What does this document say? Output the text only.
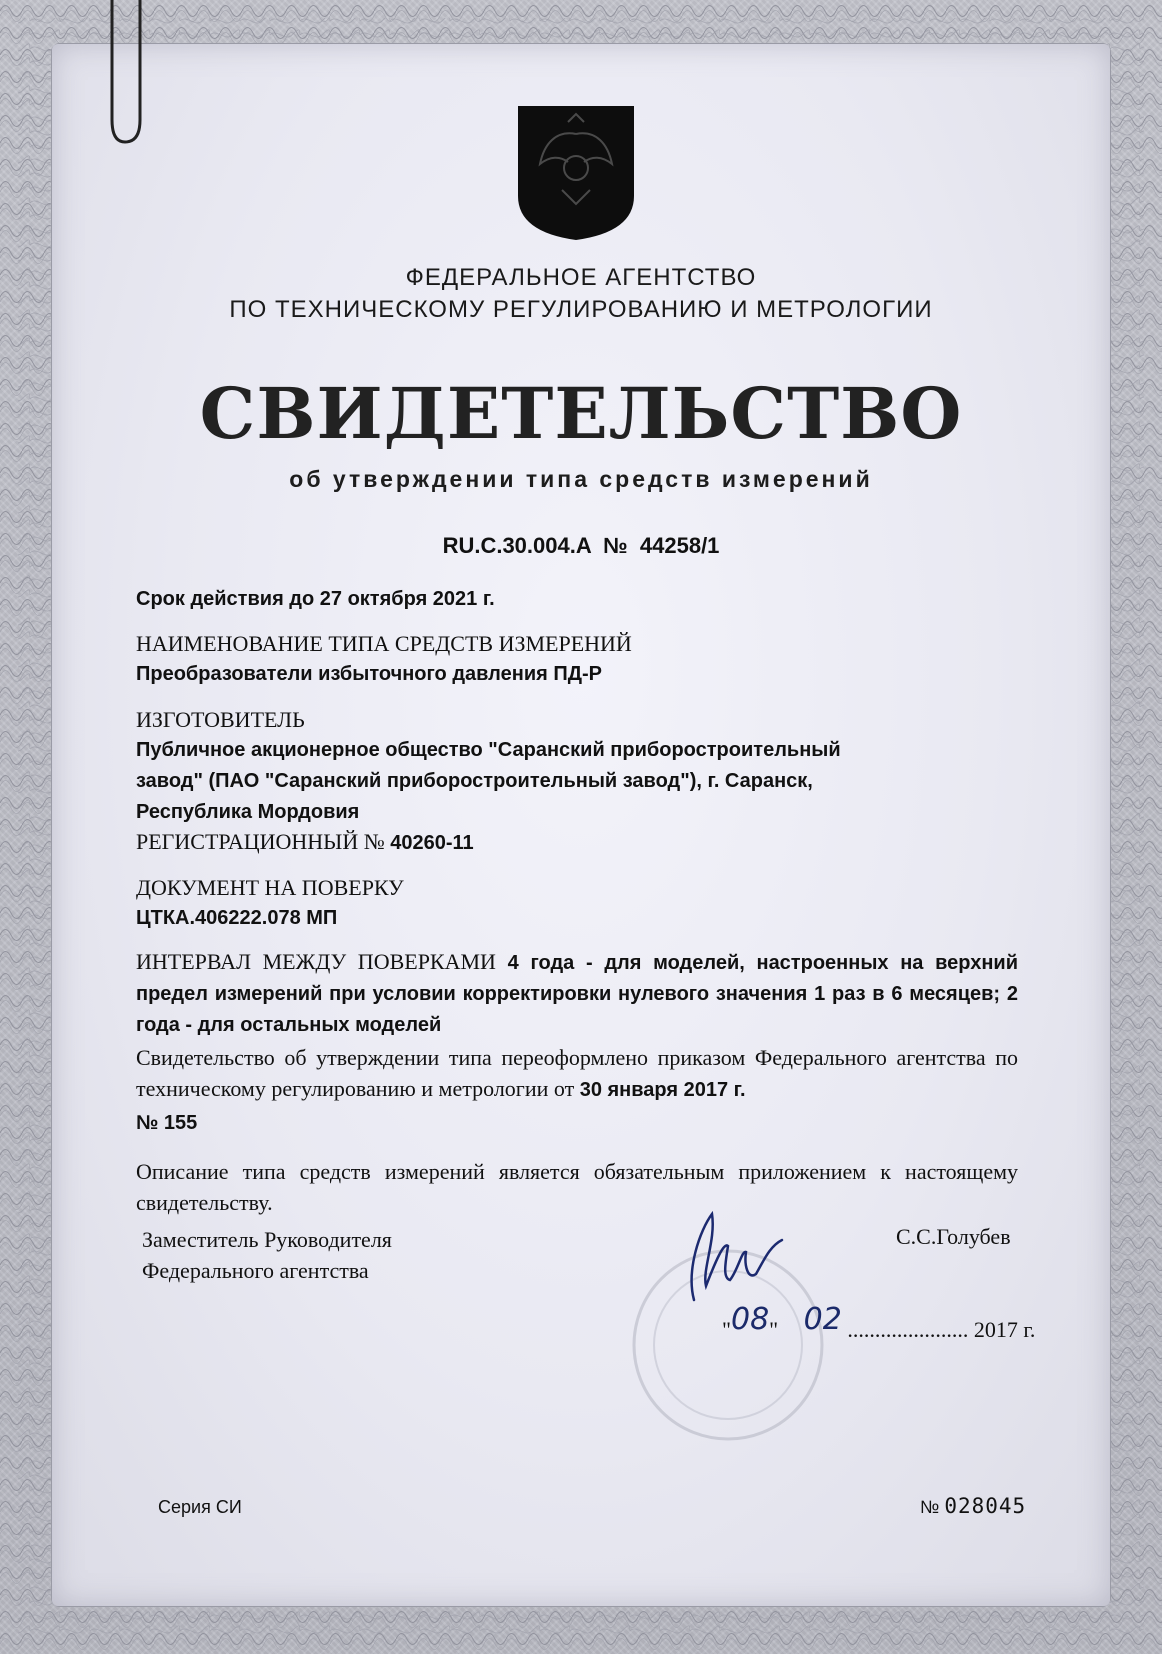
ФЕДЕРАЛЬНОЕ АГЕНТСТВО
ПО ТЕХНИЧЕСКОМУ РЕГУЛИРОВАНИЮ И МЕТРОЛОГИИ
СВИДЕТЕЛЬСТВО
об утверждении типа средств измерений
RU.C.30.004.A  №  44258/1
Срок действия до 27 октября 2021 г.
НАИМЕНОВАНИЕ ТИПА СРЕДСТВ ИЗМЕРЕНИЙ
Преобразователи избыточного давления ПД-Р
ИЗГОТОВИТЕЛЬ
Публичное акционерное общество "Саранский приборостроительный
завод" (ПАО "Саранский приборостроительный завод"), г. Саранск,
Республика Мордовия
РЕГИСТРАЦИОННЫЙ № 40260-11
ДОКУМЕНТ НА ПОВЕРКУ
ЦТКА.406222.078 МП
ИНТЕРВАЛ МЕЖДУ ПОВЕРКАМИ 4 года - для моделей, настроенных на верхний предел измерений при условии корректировки нулевого значения 1 раз в 6 месяцев; 2 года - для остальных моделей
Свидетельство об утверждении типа переоформлено приказом Федерального агентства по техническому регулированию и метрологии от 30 января 2017 г.
№ 155
Описание типа средств измерений является обязательным приложением к настоящему свидетельству.
Заместитель Руководителя
Федерального агентства
С.С.Голубев
"08" 02 ...................... 2017 г.
Серия СИ	№ 028045
